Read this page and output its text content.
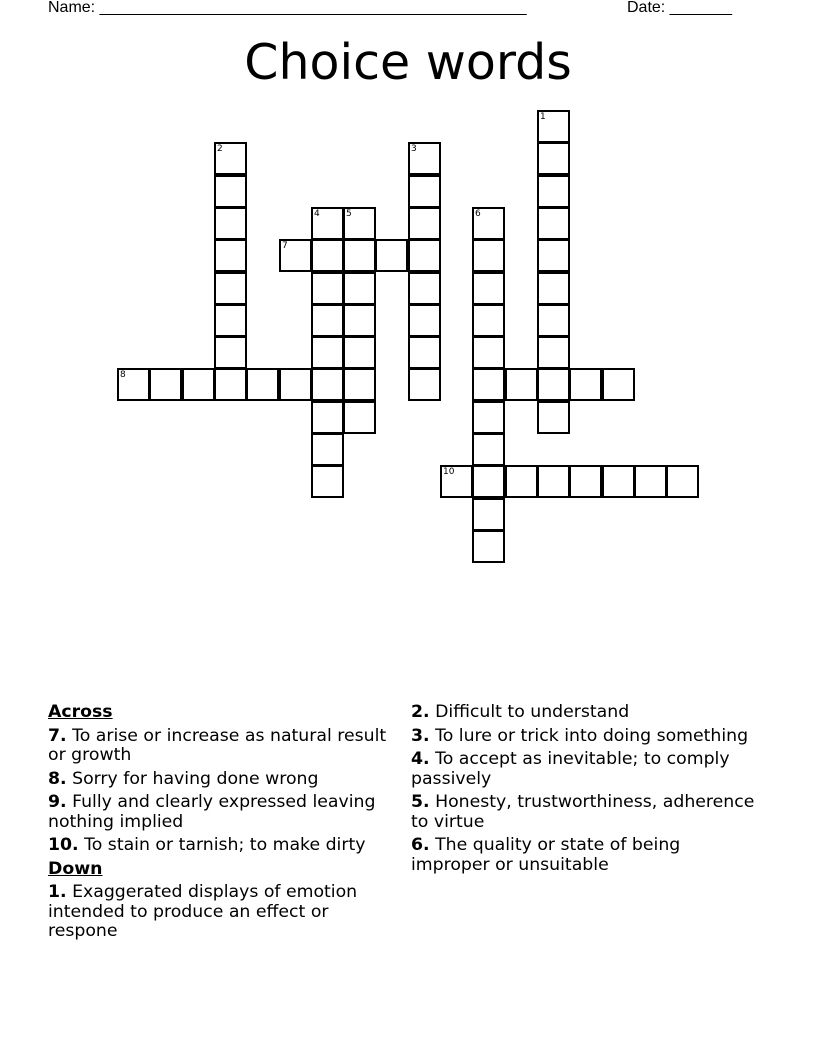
Name: ________________________________________________	Date: _______
Choice words
1
2	3
4	5	6
7
8
10
Across
7. To arise or increase as natural result or growth
8. Sorry for having done wrong
9. Fully and clearly expressed leaving nothing implied
10. To stain or tarnish; to make dirty
Down
1. Exaggerated displays of emotion intended to produce an effect or respone
2. Difficult to understand
3. To lure or trick into doing something
4. To accept as inevitable; to comply passively
5. Honesty, trustworthiness, adherence to virtue
6. The quality or state of being improper or unsuitable
